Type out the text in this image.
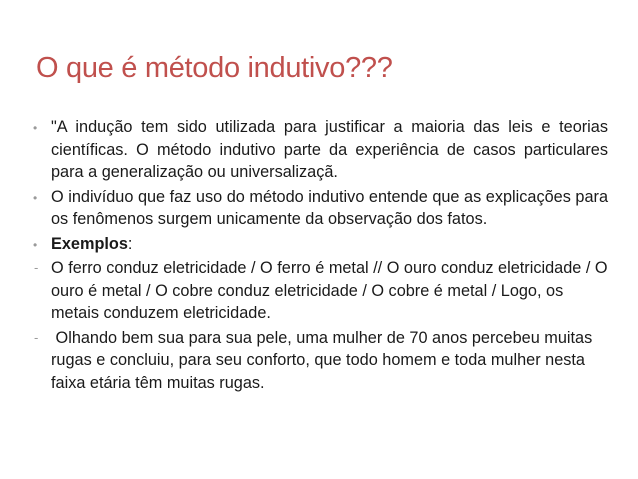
O que é método indutivo???
• "A indução tem sido utilizada para justificar a maioria das leis e teorias científicas. O método indutivo parte da experiência de casos particulares para a generalização ou universalizaçã.
• O indivíduo que faz uso do método indutivo entende que as explicações para os fenômenos surgem unicamente da observação dos fatos.
• Exemplos:
- O ferro conduz eletricidade / O ferro é metal // O ouro conduz eletricidade / O ouro é metal / O cobre conduz eletricidade / O cobre é metal / Logo, os metais conduzem eletricidade.
- Olhando bem sua para sua pele, uma mulher de 70 anos percebeu muitas rugas e concluiu, para seu conforto, que todo homem e toda mulher nesta faixa etária têm muitas rugas.
